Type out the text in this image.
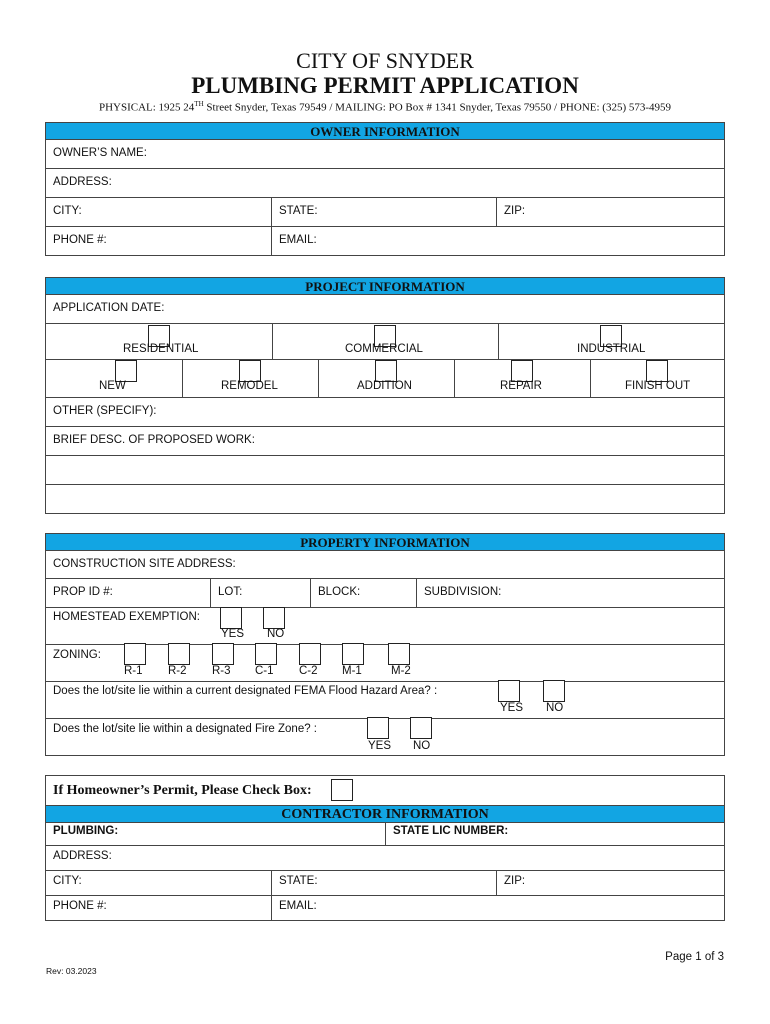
CITY OF SNYDER
PLUMBING PERMIT APPLICATION
PHYSICAL: 1925 24TH Street Snyder, Texas 79549 / MAILING: PO Box # 1341 Snyder, Texas 79550 / PHONE: (325) 573-4959
OWNER INFORMATION
OWNER’S NAME:
ADDRESS:
CITY:	STATE:	ZIP:
PHONE #:	EMAIL:
PROJECT INFORMATION
APPLICATION DATE:
RESIDENTIAL	COMMERCIAL	INDUSTRIAL
NEW	REMODEL	ADDITION	REPAIR	FINISH OUT
OTHER (SPECIFY):
BRIEF DESC. OF PROPOSED WORK:
PROPERTY INFORMATION
CONSTRUCTION SITE ADDRESS:
PROP ID #:	LOT:	BLOCK:	SUBDIVISION:
HOMESTEAD EXEMPTION:
YES NO
ZONING:
R-1 R-2 R-3 C-1 C-2 M-1	M-2
Does the lot/site lie within a current designated FEMA Flood Hazard Area? :
YES NO
Does the lot/site lie within a designated Fire Zone? :
YES NO
If Homeowner’s Permit, Please Check Box:
CONTRACTOR INFORMATION
PLUMBING:	STATE LIC NUMBER:
ADDRESS:
CITY:	STATE:	ZIP:
PHONE #:	EMAIL:
Page 1 of 3
Rev: 03.2023
